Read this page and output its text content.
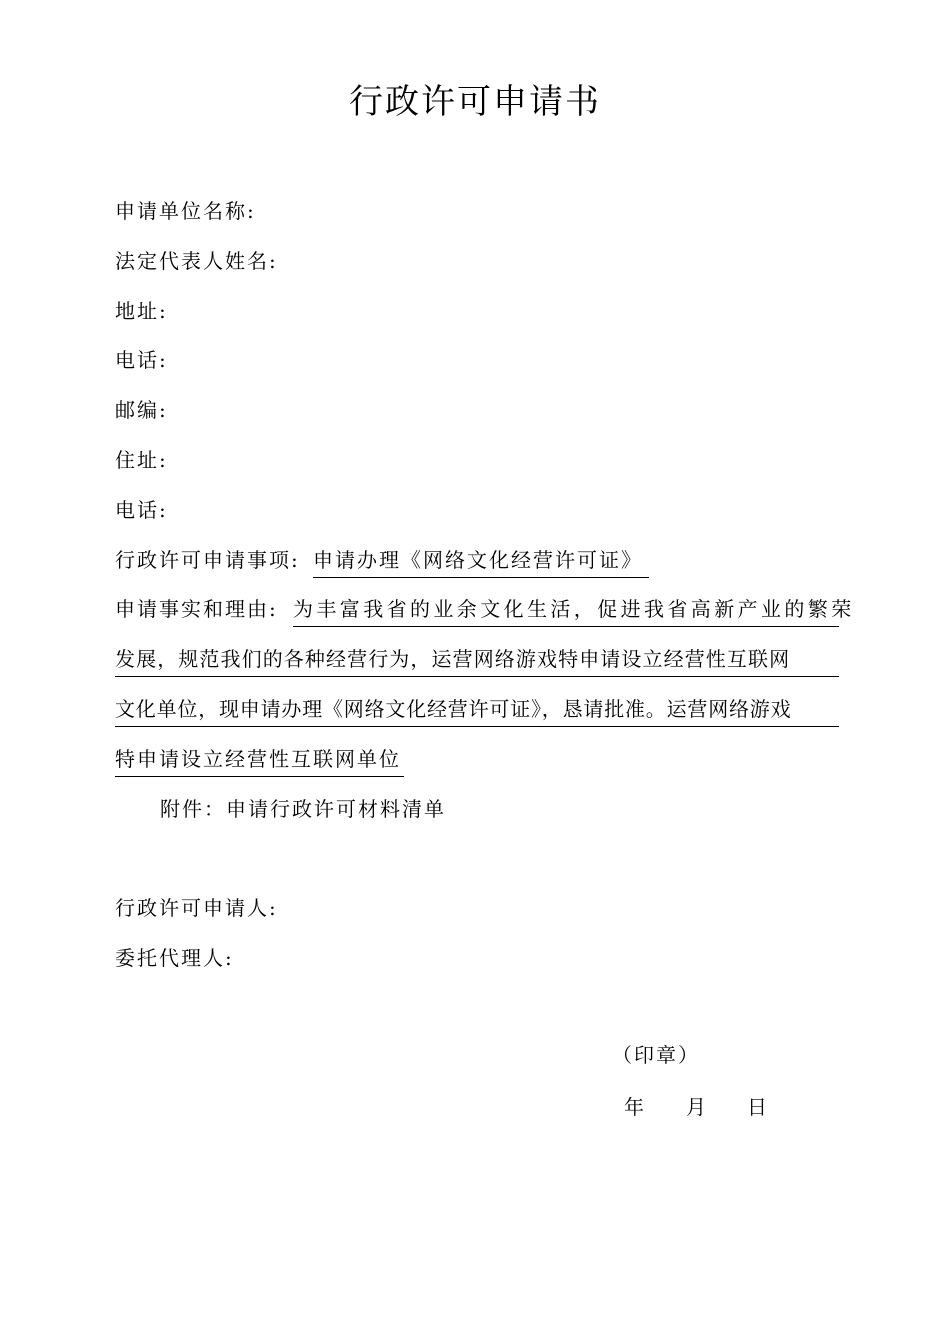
行政许可申请书
申请单位名称:
法定代表人姓名:
地址:
电话:
邮编:
住址:
电话:
行政许可申请事项: 申请办理《网络文化经营许可证》
申请事实和理由: 为丰富我省的业余文化生活，促进我省高新产业的繁荣
发展，规范我们的各种经营行为，运营网络游戏特申请设立经营性互联网
文化单位，现申请办理《网络文化经营许可证》，恳请批准。运营网络游戏
特申请设立经营性互联网单位
附件：申请行政许可材料清单
行政许可申请人:
委托代理人:
（印章）
年 月 日
